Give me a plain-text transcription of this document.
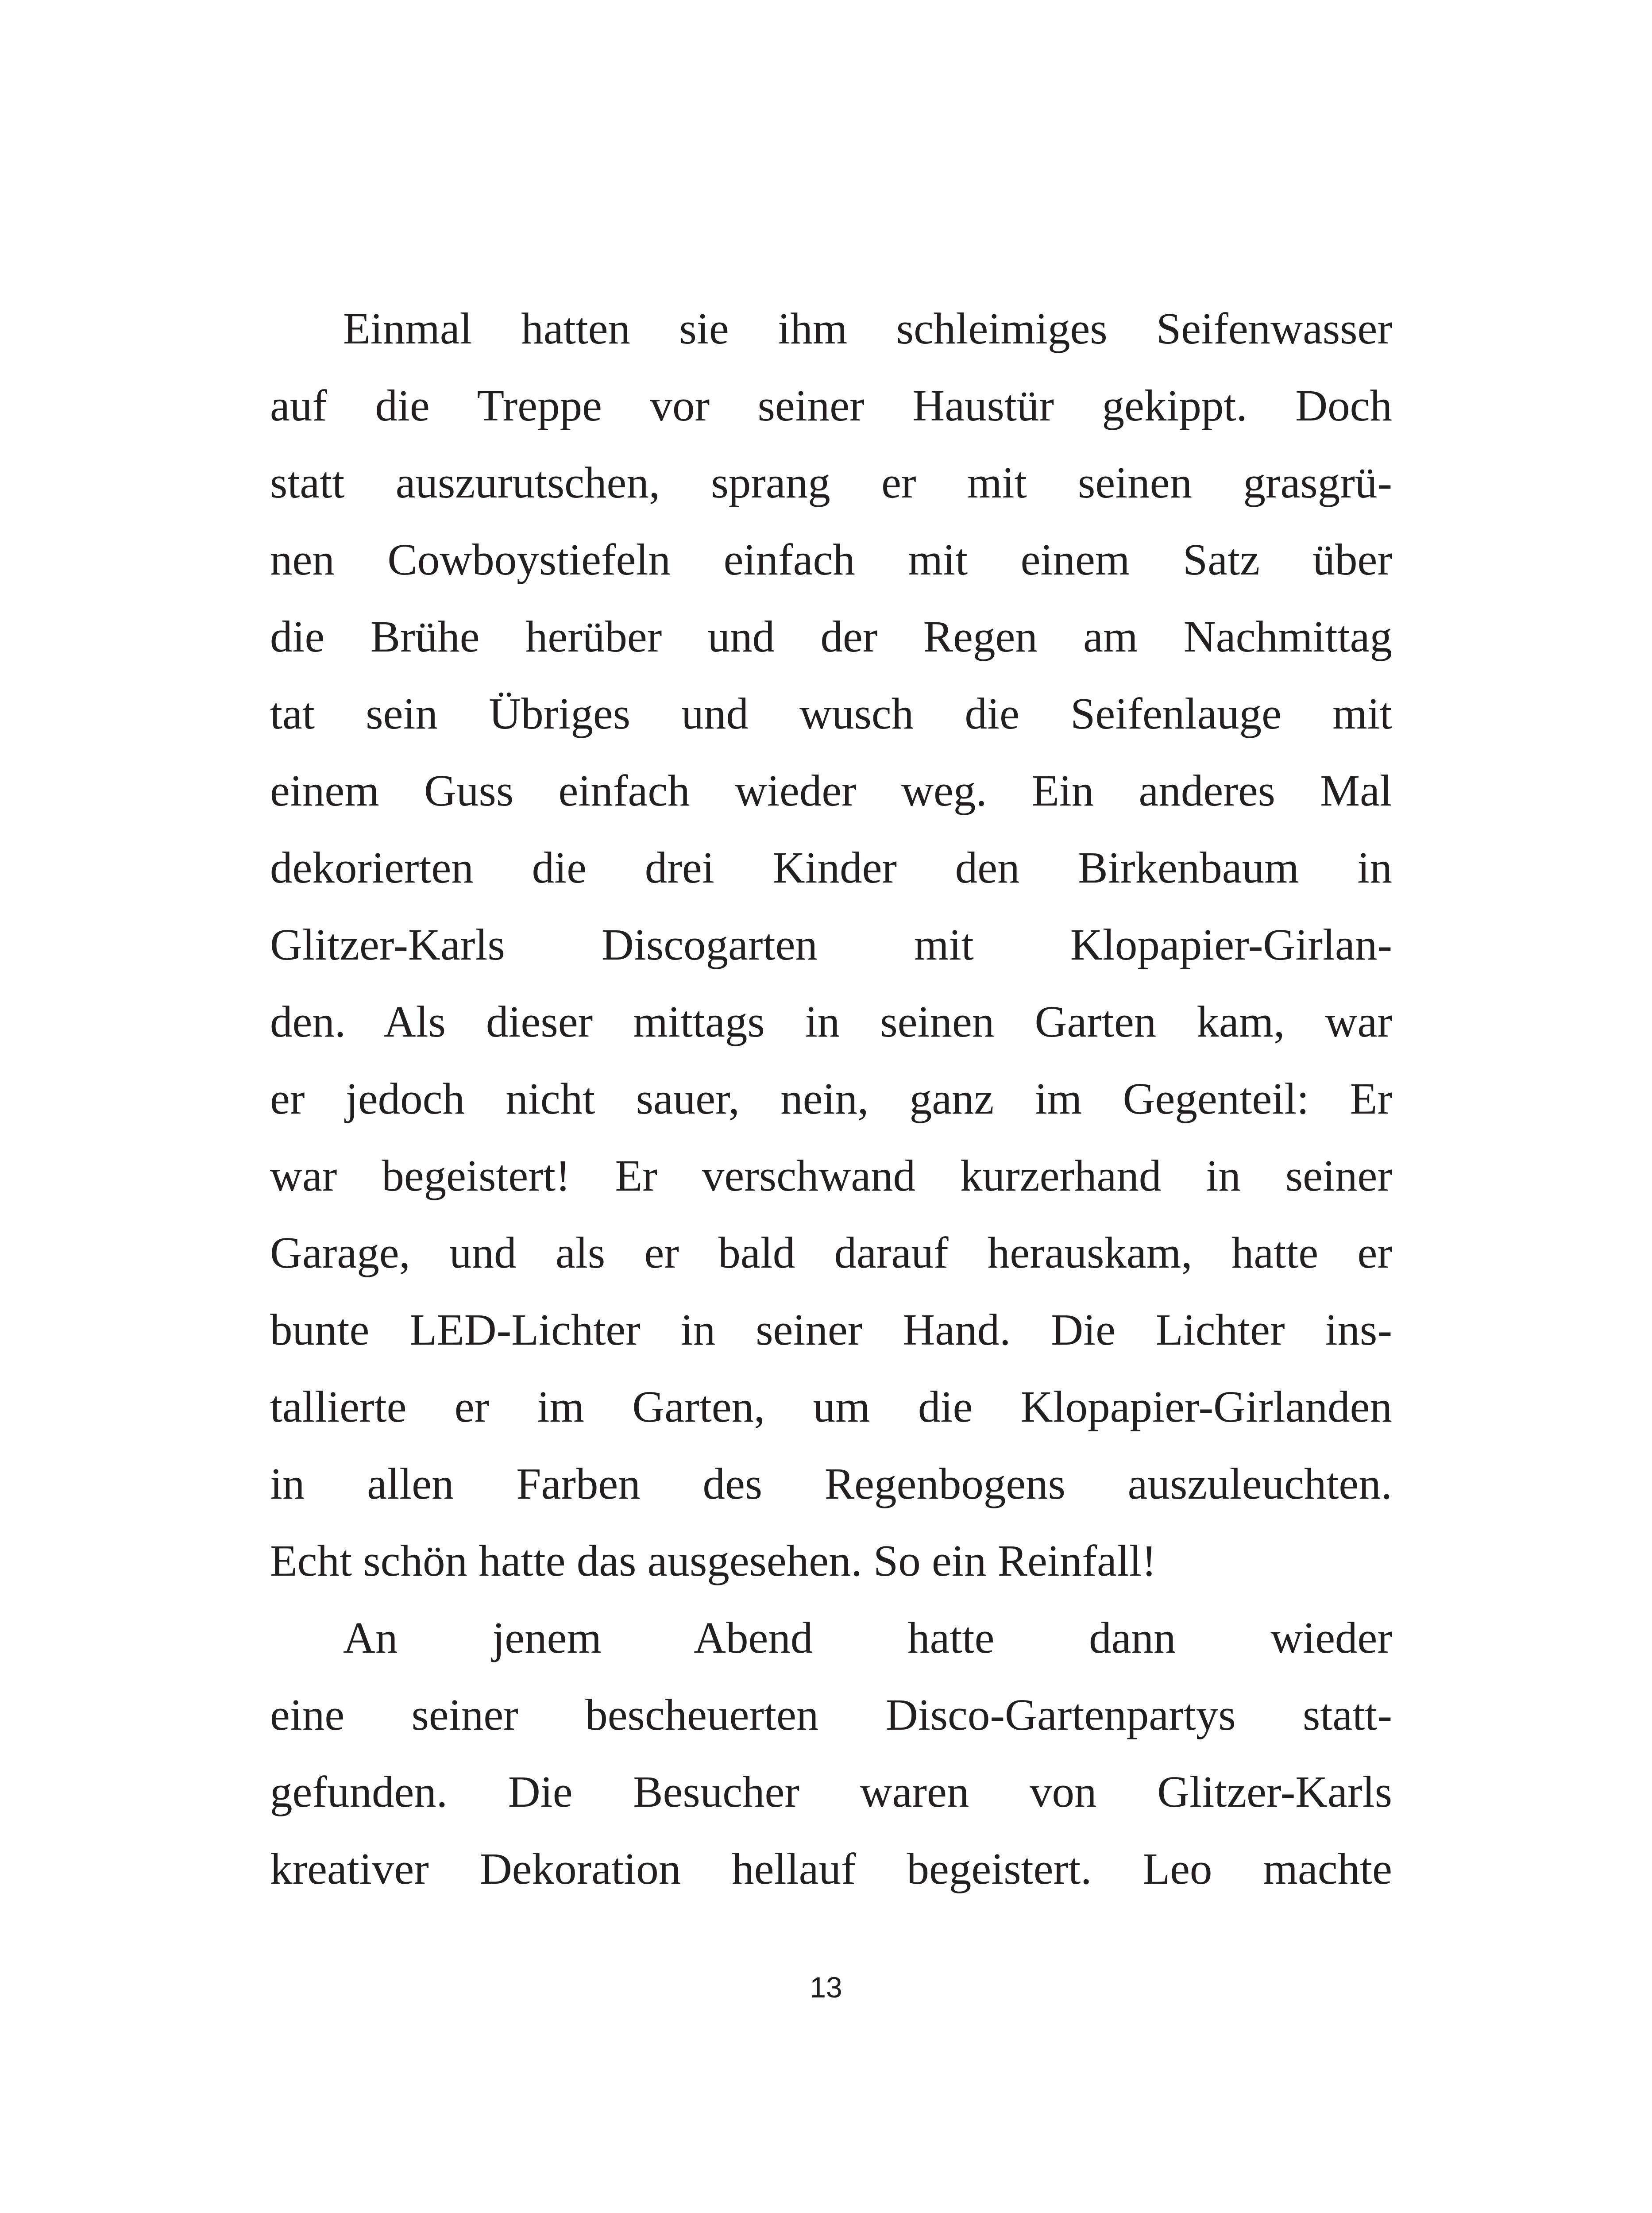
Einmal hatten sie ihm schleimiges Seifenwasser
auf die Treppe vor seiner Haustür gekippt. Doch
statt auszurutschen, sprang er mit seinen grasgrü-
nen Cowboystiefeln einfach mit einem Satz über
die Brühe herüber und der Regen am Nachmittag
tat sein Übriges und wusch die Seifenlauge mit
einem Guss einfach wieder weg. Ein anderes Mal
dekorierten die drei Kinder den Birkenbaum in
Glitzer-Karls Discogarten mit Klopapier-Girlan-
den. Als dieser mittags in seinen Garten kam, war
er jedoch nicht sauer, nein, ganz im Gegenteil: Er
war begeistert! Er verschwand kurzerhand in seiner
Garage, und als er bald darauf herauskam, hatte er
bunte LED-Lichter in seiner Hand. Die Lichter ins-
tallierte er im Garten, um die Klopapier-Girlanden
in allen Farben des Regenbogens auszuleuchten.
Echt schön hatte das ausgesehen. So ein Reinfall!
An jenem Abend hatte dann wieder
eine seiner bescheuerten Disco-Gartenpartys statt-
gefunden. Die Besucher waren von Glitzer-Karls
kreativer Dekoration hellauf begeistert. Leo machte
13
